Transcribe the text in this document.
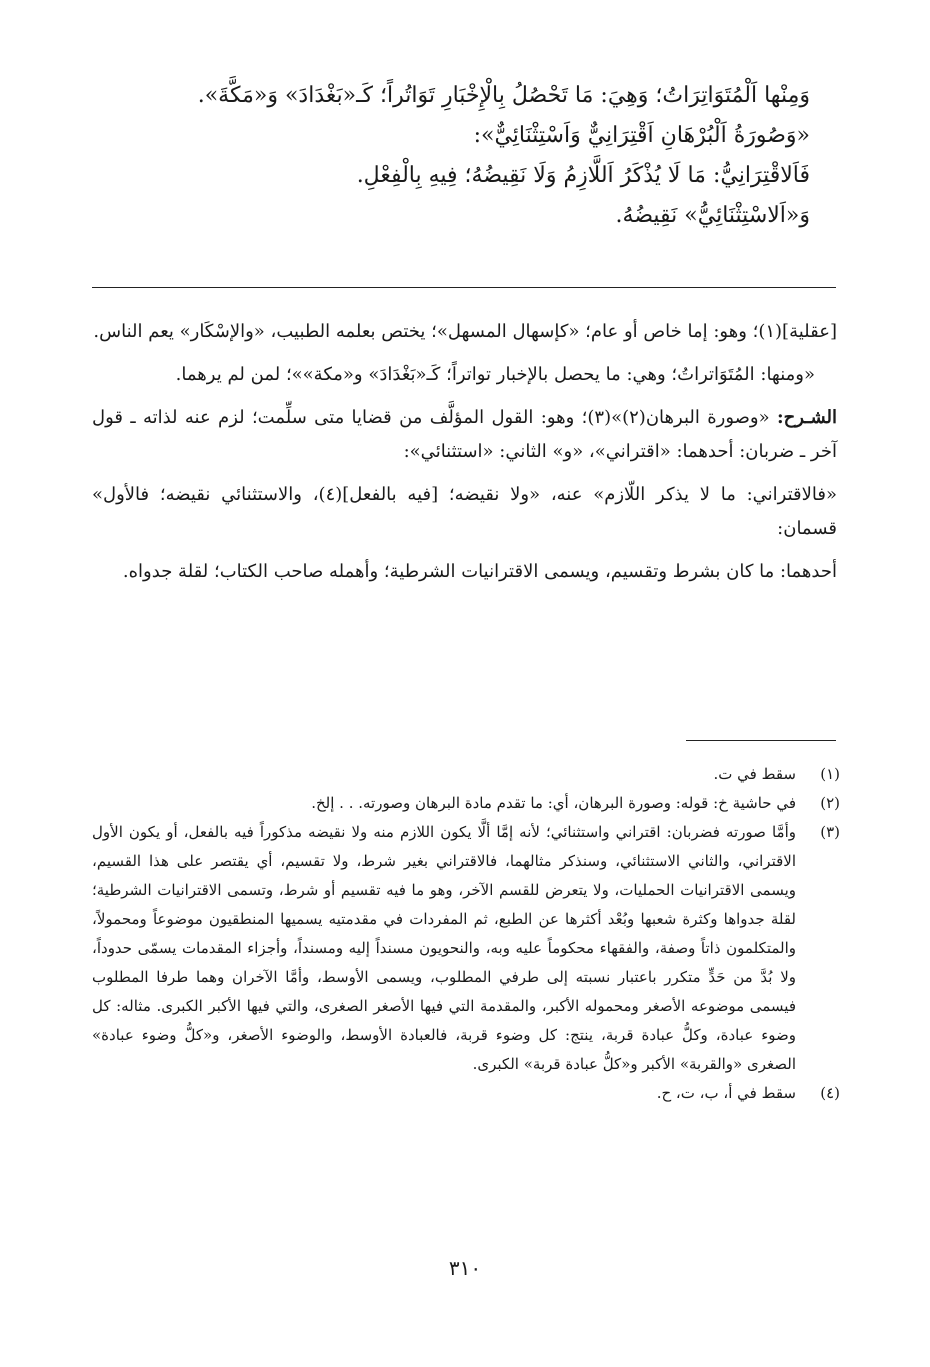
وَمِنْها اَلْمُتَوَاتِرَاتُ؛ وَهِيَ: مَا تَحْصُلُ بِالْإِخْبَارِ تَوَاتُراً؛ كَـ«بَغْدَادَ» وَ«مَكَّةَ».
«وَصُورَةُ اَلْبُرْهَانِ اَقْتِرَانِيٌّ وَاَسْتِثْنَائِيٌّ»:
فَاَلاقْتِرَانِيُّ: مَا لَا يُذْكَرُ اَللَّازِمُ وَلَا نَقِيضُهُ؛ فِيهِ بِالْفِعْلِ.
وَ«اَلاسْتِثْنَائِيُّ» نَقِيضُهُ.

[عقلية](١)؛ وهو: إما خاص أو عام؛ «كإسهال المسهل»؛ يختص بعلمه الطبيب، «والإسْكَار» يعم الناس.

«ومنها: المُتَوَاتراتُ؛ وهي: ما يحصل بالإخبار تواتراً؛ كَـ«بَغْدَادَ» و«مكة»»؛ لمن لم يرهما.

الشـرح: «وصورة البرهان(٢)»(٣)؛ وهو: القول المؤلَّف من قضايا متى سلِّمت؛ لزم عنه لذاته ـ قول آخر ـ ضربان: أحدهما: «اقتراني»، «و» الثاني: «استثنائي»:

«فالاقتراني: ما لا يذكر اللّازم» عنه، «ولا نقيضه؛ [فيه بالفعل](٤)، والاستثنائي نقيضه؛ فالأول» قسمان:

أحدهما: ما كان بشرط وتقسيم، ويسمى الاقترانيات الشرطية؛ وأهمله صاحب الكتاب؛ لقلة جدواه.

(١)
سقط في ت.
(٢)
في حاشية خ: قوله: وصورة البرهان، أي: ما تقدم مادة البرهان وصورته. . . إلخ.
(٣)
وأمَّا صورته فضربان: اقتراني واستثنائي؛ لأنه إمَّا ألَّا يكون اللازم منه ولا نقيضه مذكوراً فيه بالفعل، أو يكون الأول الاقتراني، والثاني الاستثنائي، وسنذكر مثالهما، فالاقتراني بغير شرط، ولا تقسيم، أي يقتصر على هذا القسيم، ويسمى الاقترانيات الحمليات، ولا يتعرض للقسم الآخر، وهو ما فيه تقسيم أو شرط، وتسمى الاقترانيات الشرطية؛ لقلة جدواها وكثرة شعبها وبُعْد أكثرها عن الطبع، ثم المفردات في مقدمتيه يسميها المنطقيون موضوعاً ومحمولاً، والمتكلمون ذاتاً وصفة، والفقهاء محكوماً عليه وبه، والنحويون مسنداً إليه ومسنداً، وأجزاء المقدمات يسمّى حدوداً، ولا بُدَّ من حَدٍّ متكرر باعتبار نسبته إلى طرفي المطلوب، ويسمى الأوسط، وأمَّا الآخران وهما طرفا المطلوب فيسمى موضوعه الأصغر ومحموله الأكبر، والمقدمة التي فيها الأصغر الصغرى، والتي فيها الأكبر الكبرى. مثاله: كل وضوء عبادة، وكلُّ عبادة قربة، ينتج: كل وضوء قربة، فالعبادة الأوسط، والوضوء الأصغر، و«كلُّ وضوء عبادة» الصغرى «والقربة» الأكبر و«كلُّ عبادة قربة» الكبرى.
(٤)
سقط في أ، ب، ت، ح.
٣١٠
